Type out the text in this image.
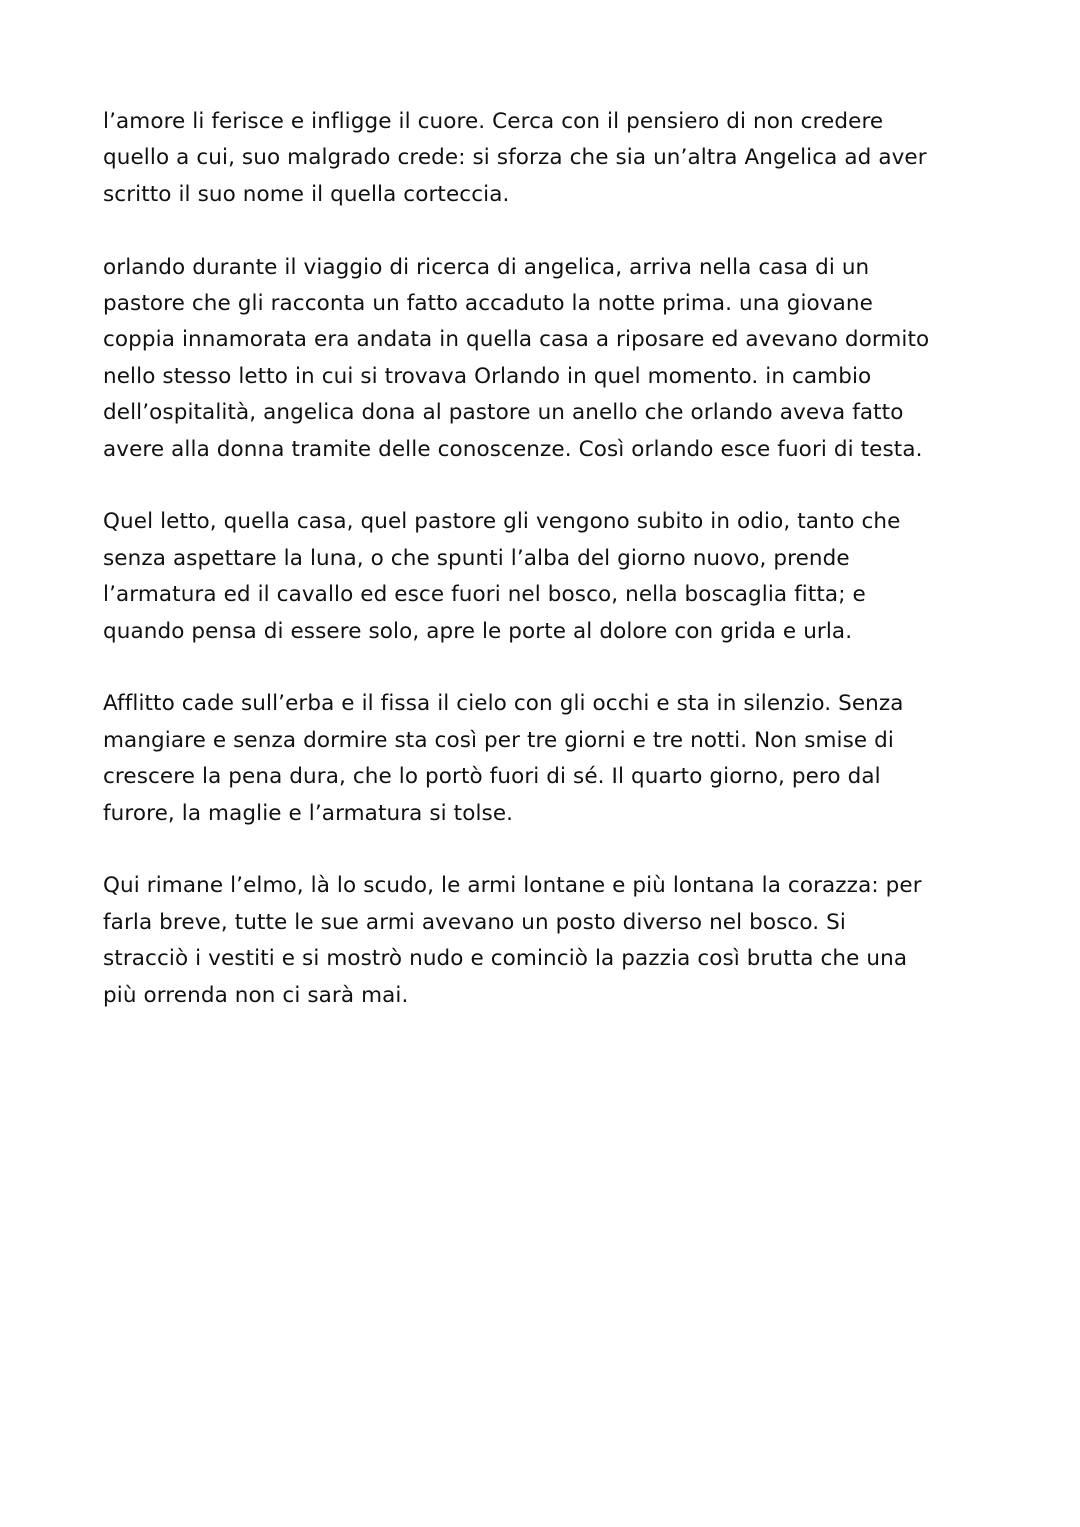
l’amore li ferisce e infligge il cuore. Cerca con il pensiero di non credere
quello a cui, suo malgrado crede: si sforza che sia un’altra Angelica ad aver
scritto il suo nome il quella corteccia.

orlando durante il viaggio di ricerca di angelica, arriva nella casa di un
pastore che gli racconta un fatto accaduto la notte prima. una giovane
coppia innamorata era andata in quella casa a riposare ed avevano dormito
nello stesso letto in cui si trovava Orlando in quel momento. in cambio
dell’ospitalità, angelica dona al pastore un anello che orlando aveva fatto
avere alla donna tramite delle conoscenze. Così orlando esce fuori di testa.

Quel letto, quella casa, quel pastore gli vengono subito in odio, tanto che
senza aspettare la luna, o che spunti l’alba del giorno nuovo, prende
l’armatura ed il cavallo ed esce fuori nel bosco, nella boscaglia fitta; e
quando pensa di essere solo, apre le porte al dolore con grida e urla.

Afflitto cade sull’erba e il fissa il cielo con gli occhi e sta in silenzio. Senza
mangiare e senza dormire sta così per tre giorni e tre notti. Non smise di
crescere la pena dura, che lo portò fuori di sé. Il quarto giorno, pero dal
furore, la maglie e l’armatura si tolse.

Qui rimane l’elmo, là lo scudo, le armi lontane e più lontana la corazza: per
farla breve, tutte le sue armi avevano un posto diverso nel bosco. Si
stracciò i vestiti e si mostrò nudo e cominciò la pazzia così brutta che una
più orrenda non ci sarà mai.
